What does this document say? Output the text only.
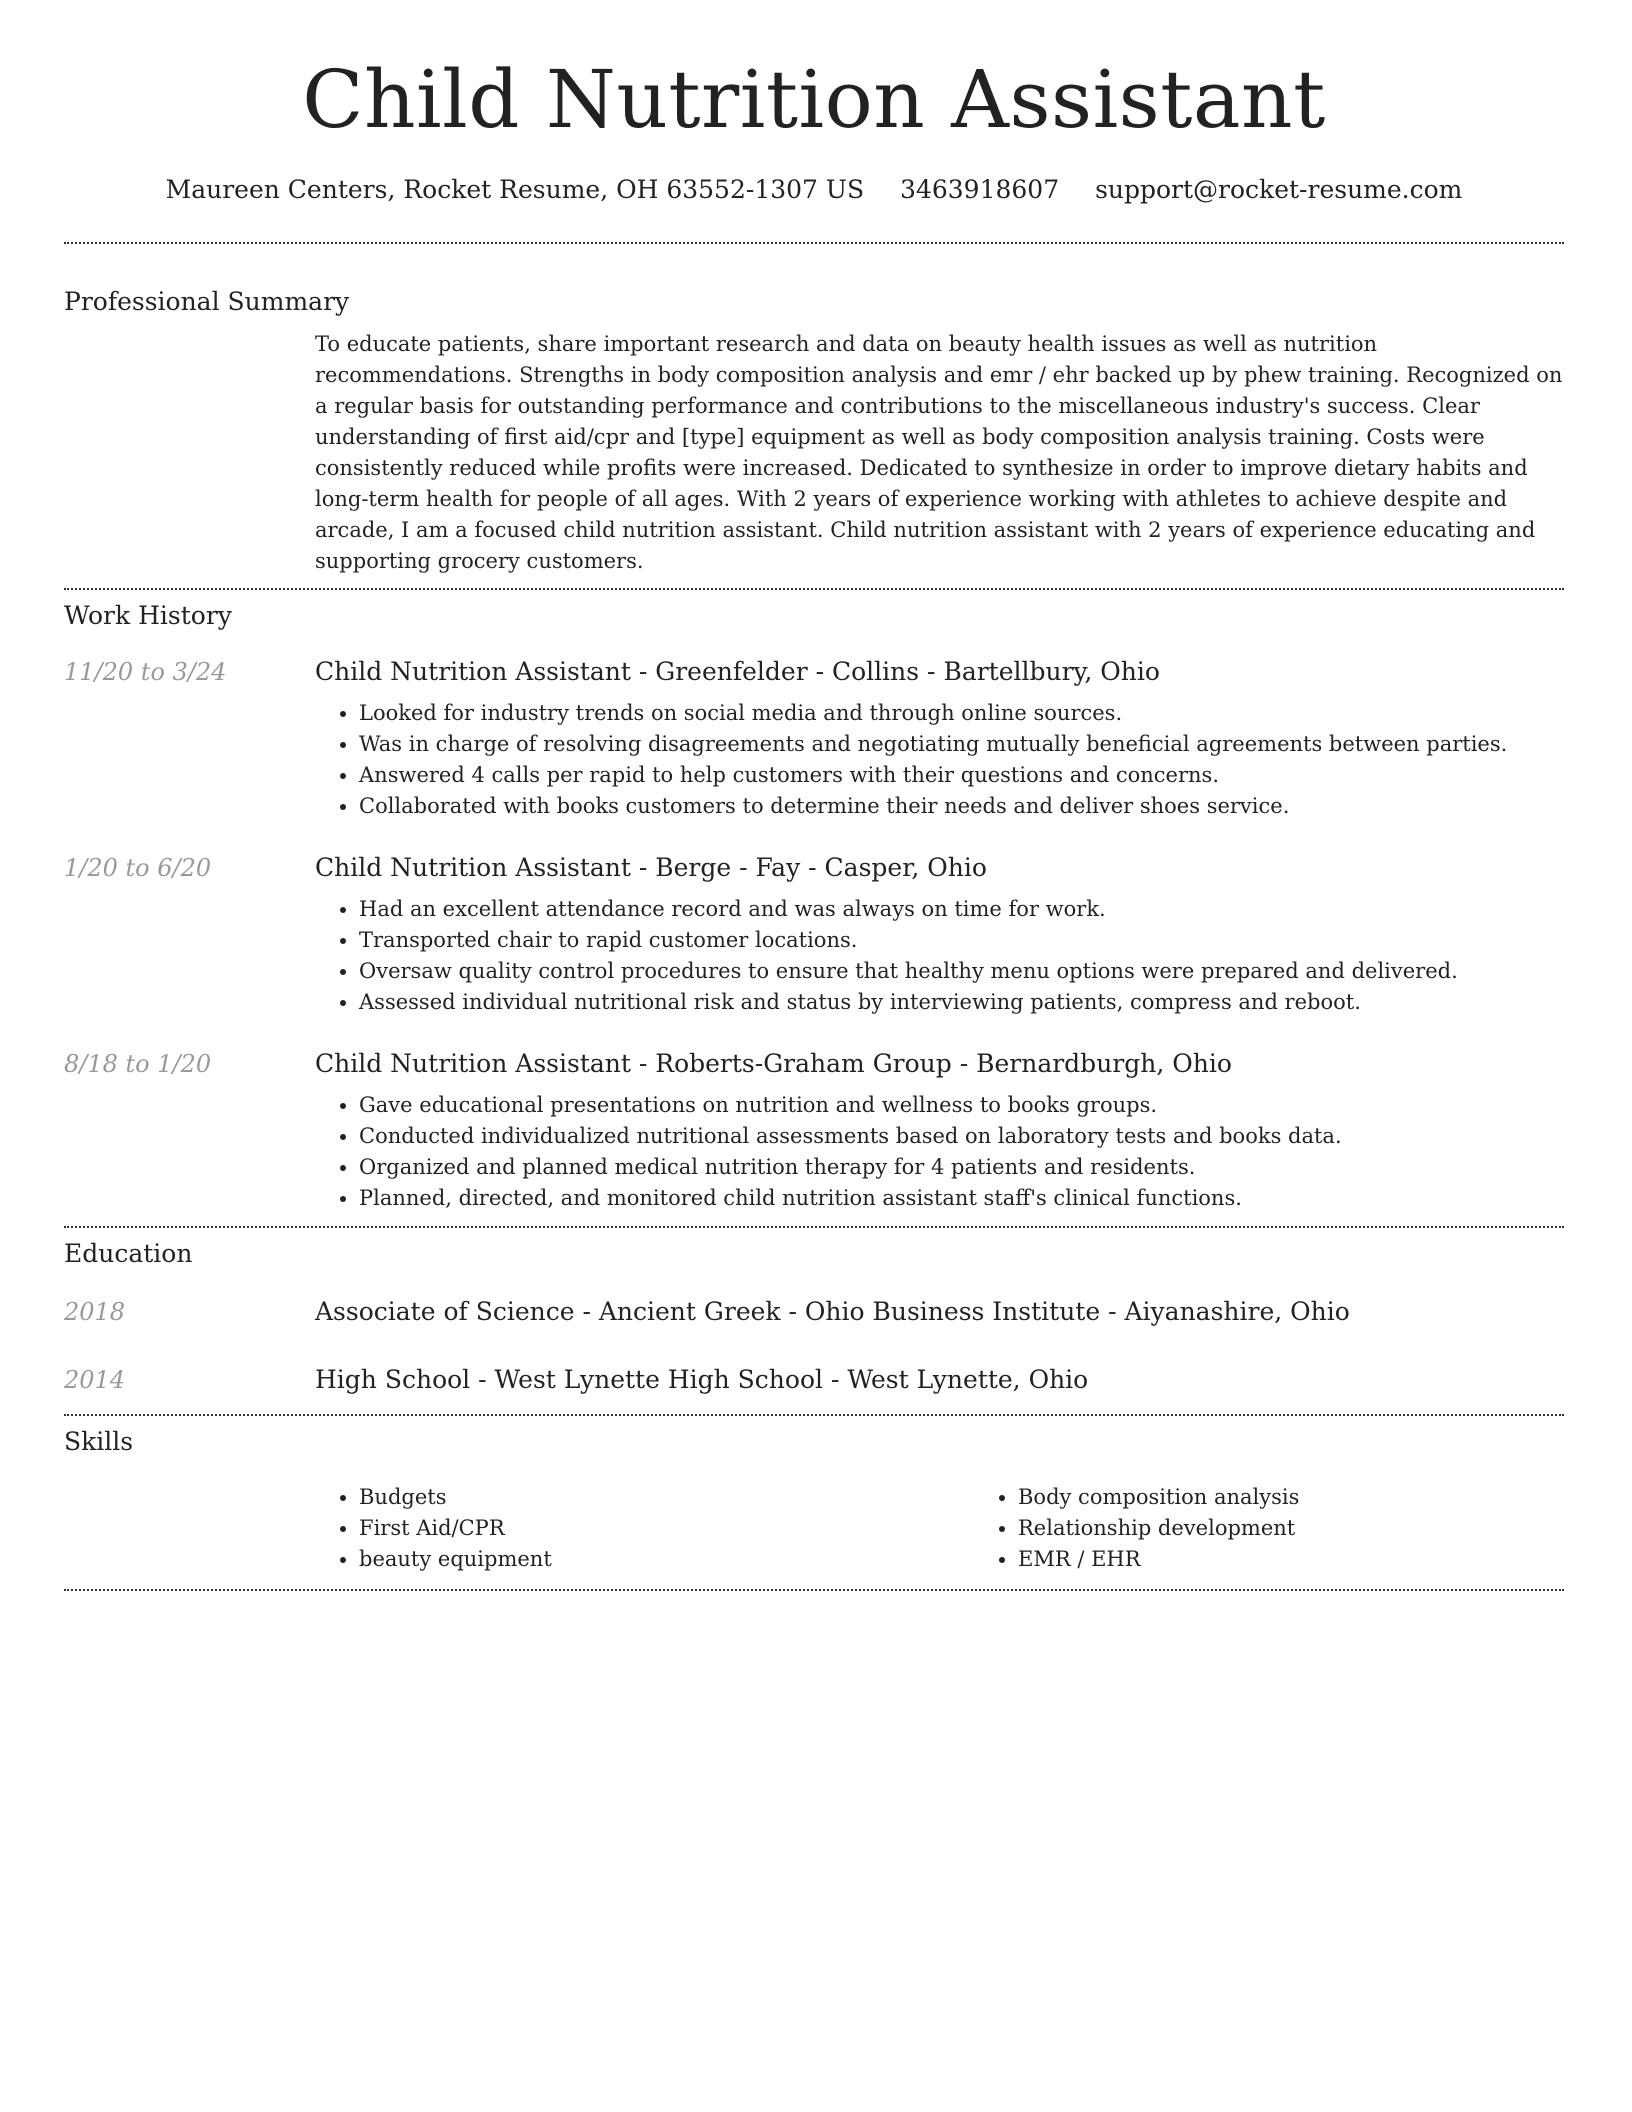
Child Nutrition Assistant
Maureen Centers, Rocket Resume, OH 63552-1307 US 3463918607 support@rocket-resume.com
Professional Summary

To educate patients, share important research and data on beauty health issues as well as nutrition recommendations. Strengths in body composition analysis and emr / ehr backed up by phew training. Recognized on a regular basis for outstanding performance and contributions to the miscellaneous industry's success. Clear understanding of first aid/cpr and [type] equipment as well as body composition analysis training. Costs were consistently reduced while profits were increased. Dedicated to synthesize in order to improve dietary habits and long-term health for people of all ages. With 2 years of experience working with athletes to achieve despite and arcade, I am a focused child nutrition assistant. Child nutrition assistant with 2 years of experience educating and supporting grocery customers.

Work History
11/20 to 3/24	Child Nutrition Assistant - Greenfelder - Collins - Bartellbury, Ohio
• Looked for industry trends on social media and through online sources.
• Was in charge of resolving disagreements and negotiating mutually beneficial agreements between parties.
• Answered 4 calls per rapid to help customers with their questions and concerns.
• Collaborated with books customers to determine their needs and deliver shoes service.
1/20 to 6/20	Child Nutrition Assistant - Berge - Fay - Casper, Ohio
• Had an excellent attendance record and was always on time for work.
• Transported chair to rapid customer locations.
• Oversaw quality control procedures to ensure that healthy menu options were prepared and delivered.
• Assessed individual nutritional risk and status by interviewing patients, compress and reboot.
8/18 to 1/20	Child Nutrition Assistant - Roberts-Graham Group - Bernardburgh, Ohio
• Gave educational presentations on nutrition and wellness to books groups.
• Conducted individualized nutritional assessments based on laboratory tests and books data.
• Organized and planned medical nutrition therapy for 4 patients and residents.
• Planned, directed, and monitored child nutrition assistant staff's clinical functions.
Education
2018	Associate of Science - Ancient Greek - Ohio Business Institute - Aiyanashire, Ohio
2014	High School - West Lynette High School - West Lynette, Ohio
Skills
• Budgets
• First Aid/CPR
• beauty equipment
• Body composition analysis
• Relationship development
• EMR / EHR
